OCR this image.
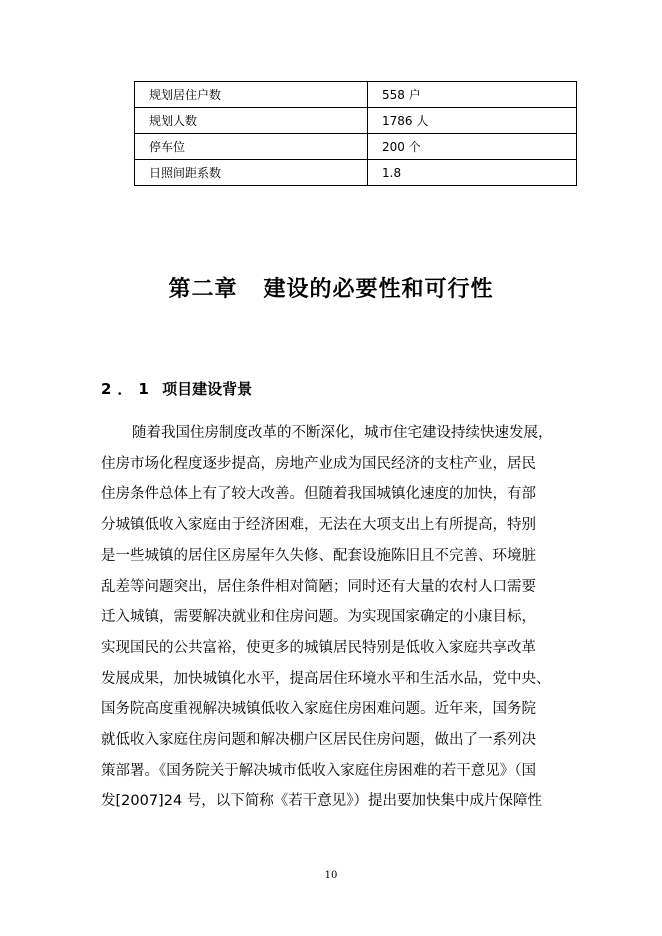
规划居住户数	558 户
规划人数	1786 人
停车位	200 个
日照间距系数	1.8
第二章 建设的必要性和可行性
2．1 项目建设背景
随着我国住房制度改革的不断深化，城市住宅建设持续快速发展，
住房市场化程度逐步提高，房地产业成为国民经济的支柱产业，居民
住房条件总体上有了较大改善。但随着我国城镇化速度的加快，有部
分城镇低收入家庭由于经济困难，无法在大项支出上有所提高，特别
是一些城镇的居住区房屋年久失修、配套设施陈旧且不完善、环境脏
乱差等问题突出，居住条件相对简陋；同时还有大量的农村人口需要
迁入城镇，需要解决就业和住房问题。为实现国家确定的小康目标，
实现国民的公共富裕，使更多的城镇居民特别是低收入家庭共享改革
发展成果，加快城镇化水平，提高居住环境水平和生活水品，党中央、
国务院高度重视解决城镇低收入家庭住房困难问题。近年来，国务院
就低收入家庭住房问题和解决棚户区居民住房问题，做出了一系列决
策部署。《国务院关于解决城市低收入家庭住房困难的若干意见》（国
发[2007]24 号，以下简称《若干意见》）提出要加快集中成片保障性
10
